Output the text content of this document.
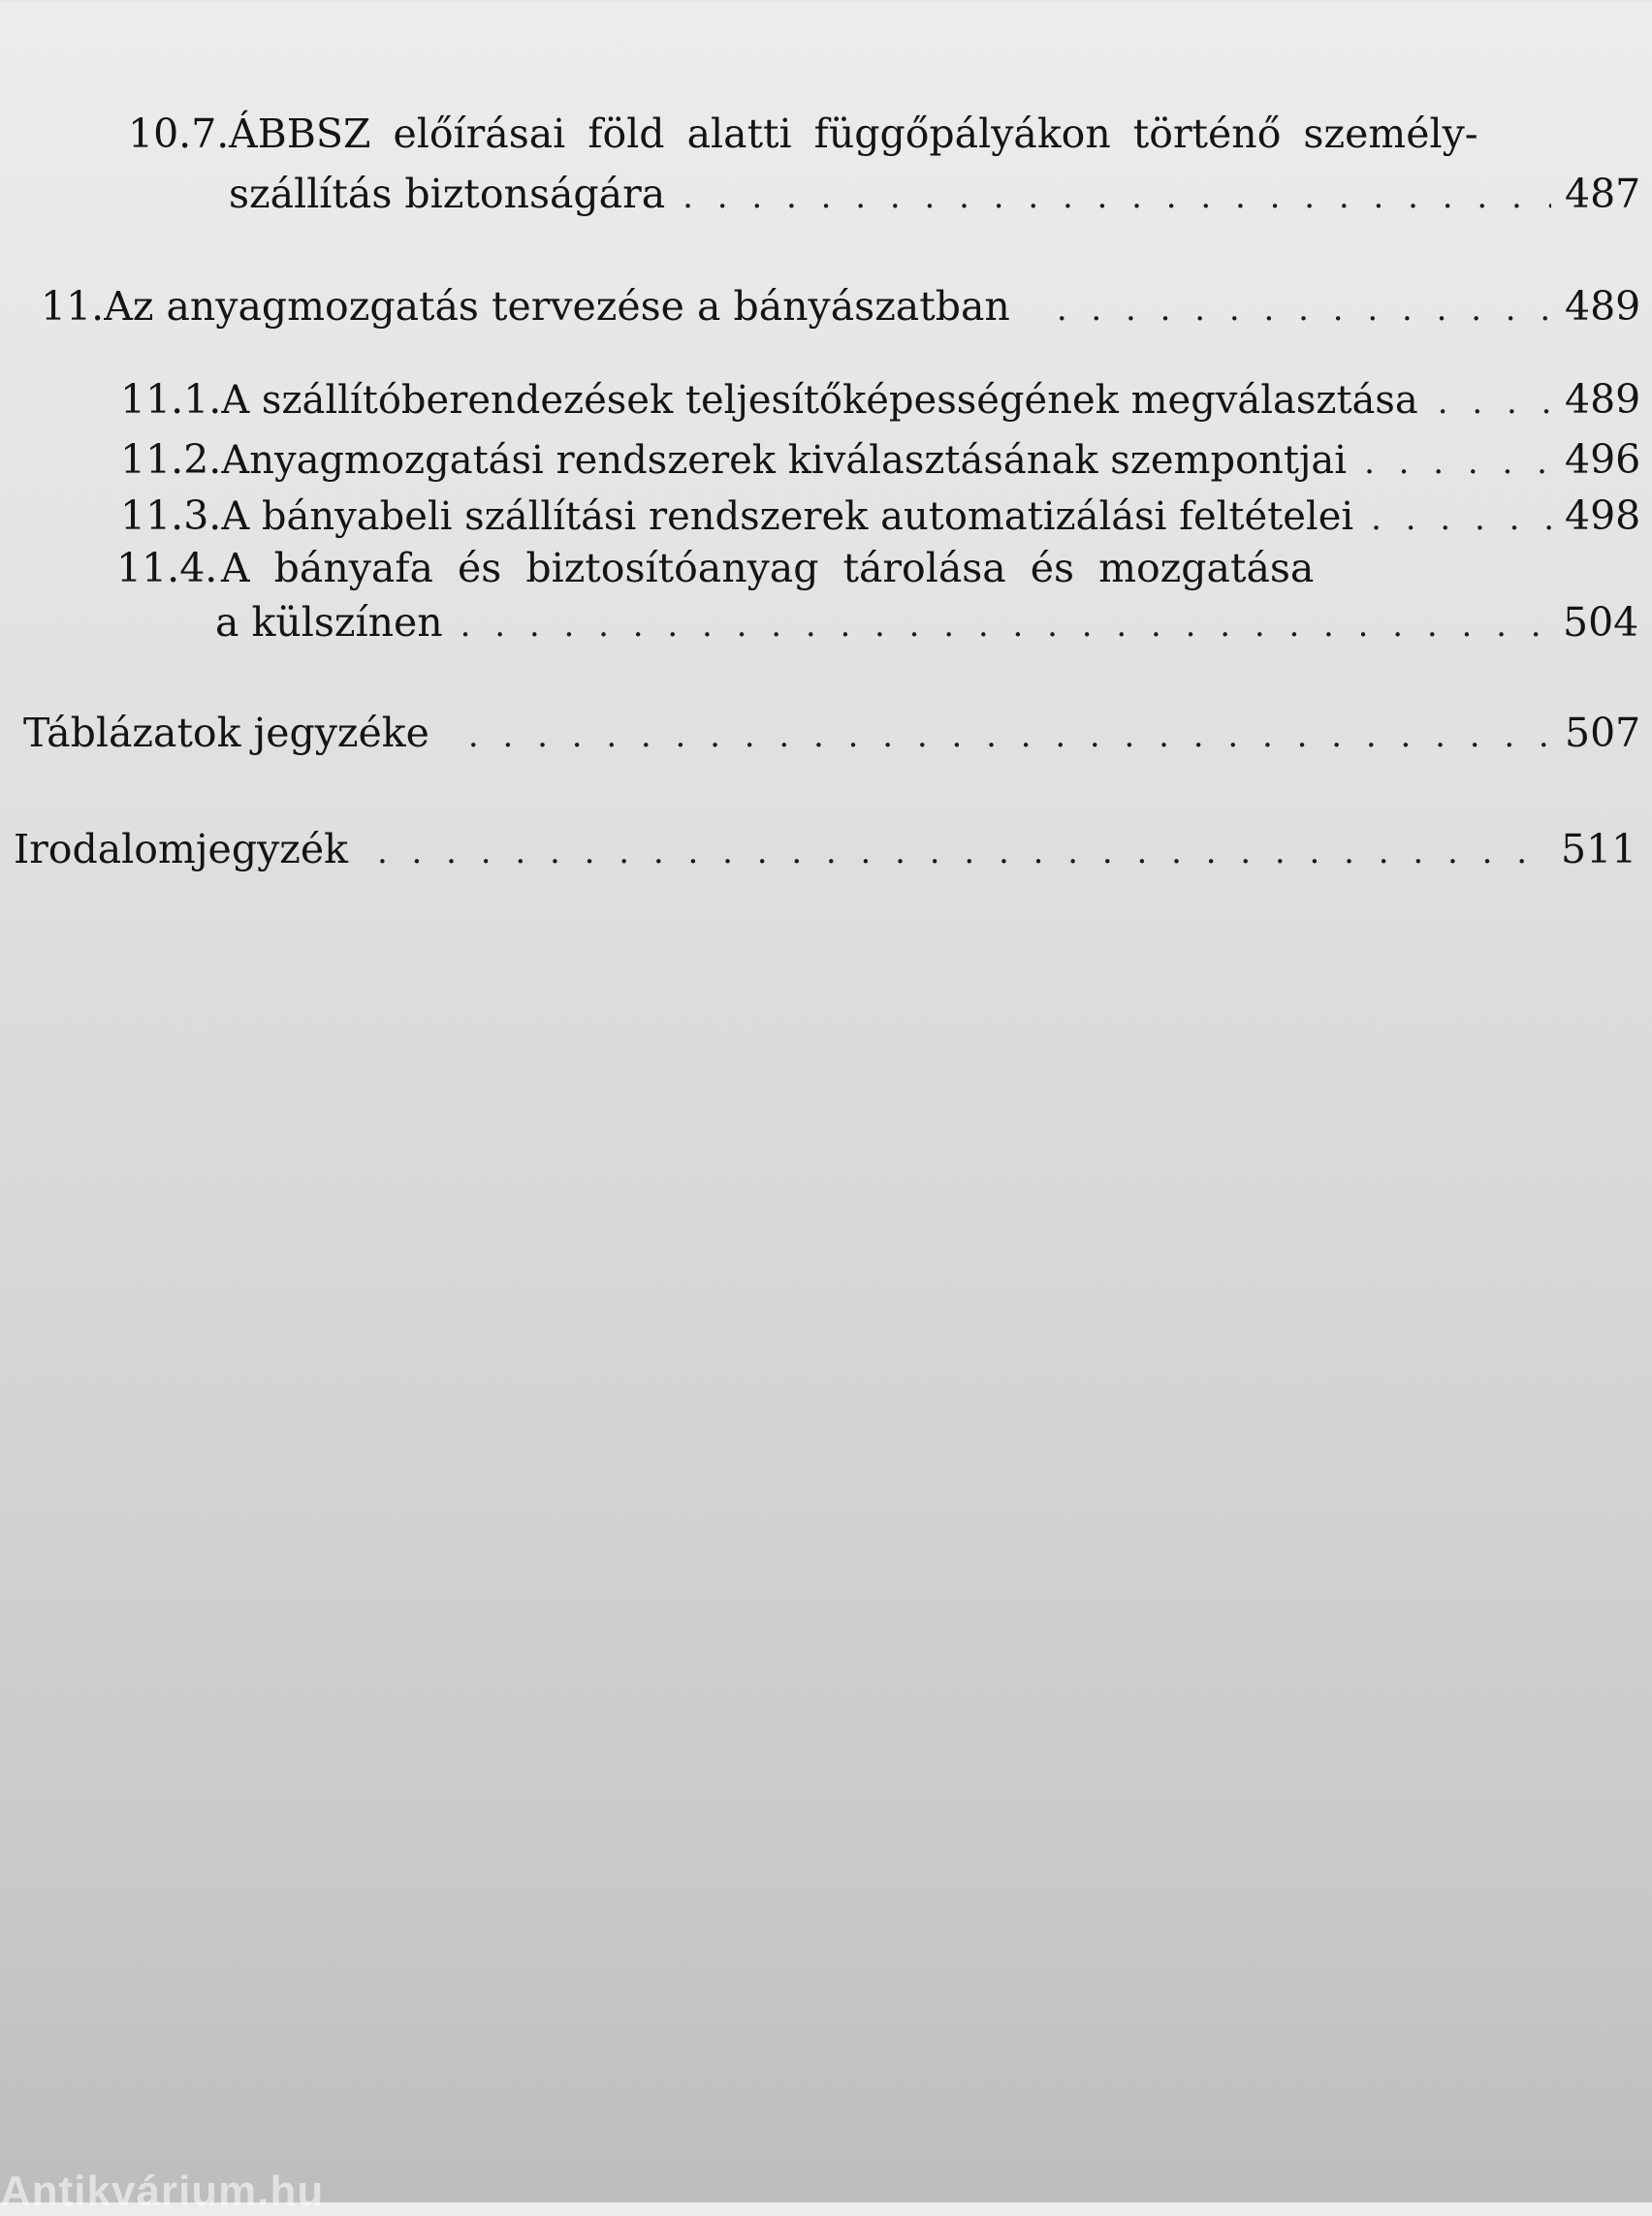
10.7. ÁBBSZ előírásai föld alatti függőpályákon történő személy-
szállítás biztonságára . . .	487
11. Az anyagmozgatás tervezése a bányászatban . . .	489
11.1. A szállítóberendezések teljesítőképességének megválasztása . . .	489
11.2. Anyagmozgatási rendszerek kiválasztásának szempontjai . . .	496
11.3. A bányabeli szállítási rendszerek automatizálási feltételei . . .	498
11.4. A bányafa és biztosítóanyag tárolása és mozgatása
a külszínen . . .	504
Táblázatok jegyzéke . . .	507
Irodalomjegyzék . . .	511
Antikvárium.hu
